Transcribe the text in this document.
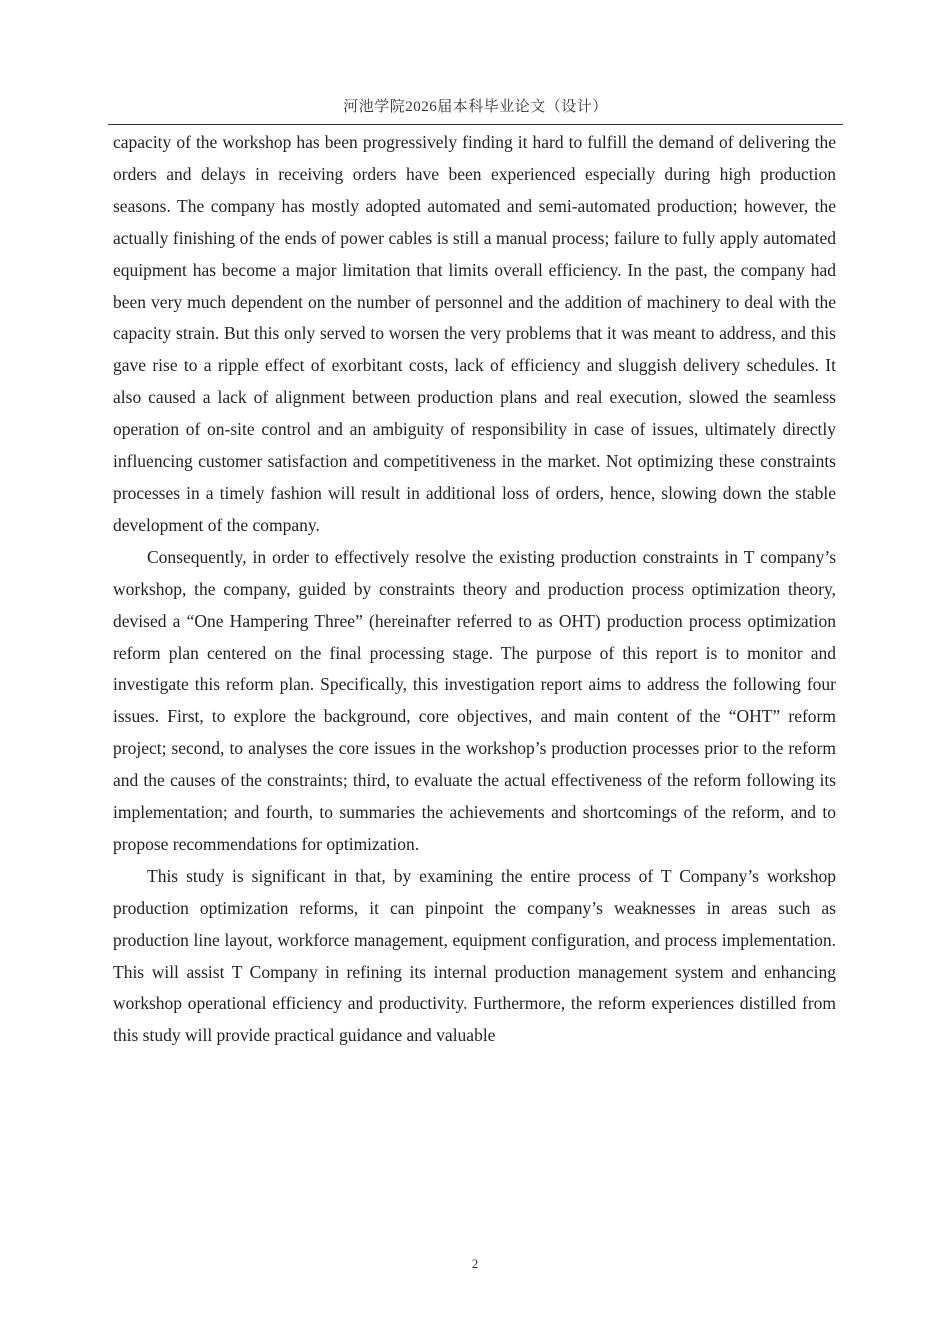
河池学院2026届本科毕业论文（设计）

capacity of the workshop has been progressively finding it hard to fulfill the demand of delivering the orders and delays in receiving orders have been experienced especially during high production seasons. The company has mostly adopted automated and semi-automated production; however, the actually finishing of the ends of power cables is still a manual process; failure to fully apply automated equipment has become a major limitation that limits overall efficiency. In the past, the company had been very much dependent on the number of personnel and the addition of machinery to deal with the capacity strain. But this only served to worsen the very problems that it was meant to address, and this gave rise to a ripple effect of exorbitant costs, lack of efficiency and sluggish delivery schedules. It also caused a lack of alignment between production plans and real execution, slowed the seamless operation of on-site control and an ambiguity of responsibility in case of issues, ultimately directly influencing customer satisfaction and competitiveness in the market. Not optimizing these constraints processes in a timely fashion will result in additional loss of orders, hence, slowing down the stable development of the company.

Consequently, in order to effectively resolve the existing production constraints in T company’s workshop, the company, guided by constraints theory and production process optimization theory, devised a “One Hampering Three” (hereinafter referred to as OHT) production process optimization reform plan centered on the final processing stage. The purpose of this report is to monitor and investigate this reform plan. Specifically, this investigation report aims to address the following four issues. First, to explore the background, core objectives, and main content of the “OHT” reform project; second, to analyses the core issues in the workshop’s production processes prior to the reform and the causes of the constraints; third, to evaluate the actual effectiveness of the reform following its implementation; and fourth, to summaries the achievements and shortcomings of the reform, and to propose recommendations for optimization.

This study is significant in that, by examining the entire process of T Company’s workshop production optimization reforms, it can pinpoint the company’s weaknesses in areas such as production line layout, workforce management, equipment configuration, and process implementation. This will assist T Company in refining its internal production management system and enhancing workshop operational efficiency and productivity. Furthermore, the reform experiences distilled from this study will provide practical guidance and valuable

2
